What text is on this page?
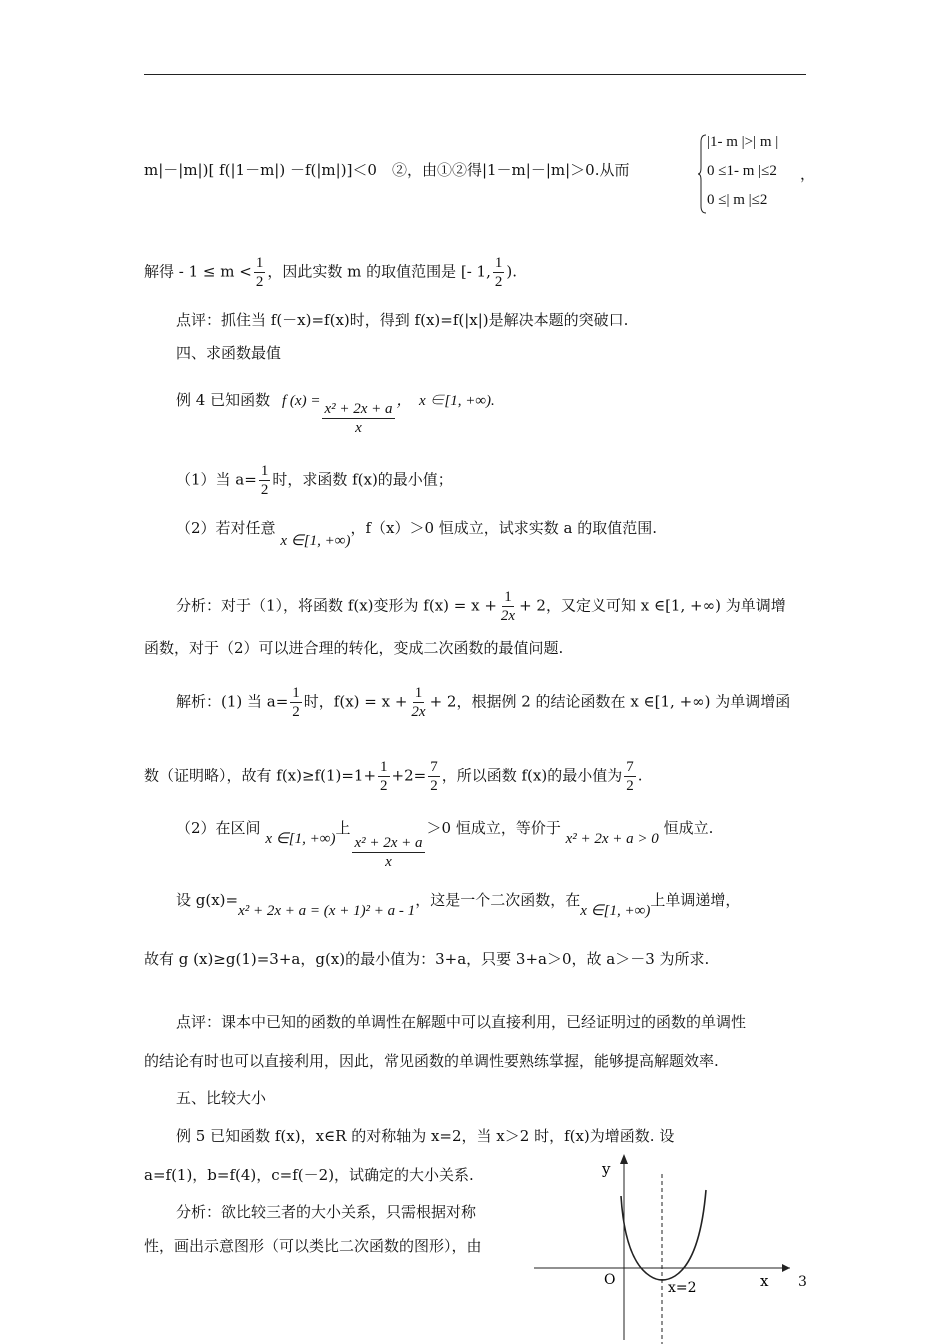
m|－|m|)[ f(|1－m|) －f(|m|)]＜0　②，由①②得|1－m|－|m|＞0.从而
|1- m |>| m |
0 ≤1- m |≤2
0 ≤| m |≤2
，
解得 - $1 \le m < \frac{1}{2}$ ，因此实数 m 的取值范围是 [- 1, $\frac{1}{2}$ ).
点评：抓住当 f(－x)=f(x)时，得到 f(x)=f(|x|)是解决本题的突破口.
四、求函数最值
例 4 已知函数 f $(x) = \frac{\text{x² + 2x + a}}{x}$ ，　x ∈[1, +∞).
（1）当 $a= \frac{1}{2}$ 时，求函数 f(x)的最小值；
（2）若对任意 x ∈[1, +∞)，f（x）＞0 恒成立，试求实数 a 的取值范围.
分析：对于（1），将函数 f(x)变形为 $f(x) = x + \frac{1}{2x} + 2$，又定义可知 x ∈[1, +∞) 为单调增
函数，对于（2）可以进合理的转化，变成二次函数的最值问题.
解析：(1) 当 $a= \frac{1}{2}$ 时，$f(x) = x + \frac{1}{2x} + 2$，根据例 2 的结论函数在 x ∈[1, +∞) 为单调增函
数（证明略），故有 $f(x)\ge f(1)=1+ \frac{1}{2} +2= \frac{7}{2}$ ，所以函数 f(x)的最小值为 $\frac{7}{2}$ .
（2）在区间 x ∈[1, +∞)上
$\frac{\text{x² + 2x + a}}{x}$
＞0 恒成立，等价于 x² + 2x + a > 0 恒成立.
设 g(x)=x² + 2x + a = (x + 1)² + a - 1，这是一个二次函数，在x ∈[1, +∞)上单调递增，
故有 g (x)≥g(1)=3+a，g(x)的最小值为：3+a，只要 3+a＞0，故 a＞－3 为所求.
点评：课本中已知的函数的单调性在解题中可以直接利用，已经证明过的函数的单调性
的结论有时也可以直接利用，因此，常见函数的单调性要熟练掌握，能够提高解题效率.
五、比较大小
例 5 已知函数 f(x)，x∈R 的对称轴为 x=2，当 x＞2 时，f(x)为增函数. 设
a=f(1)，b=f(4)，c=f(－2)，试确定的大小关系.
分析：欲比较三者的大小关系，只需根据对称
性，画出示意图形（可以类比二次函数的图形），由
y
x
O	x=2	3
